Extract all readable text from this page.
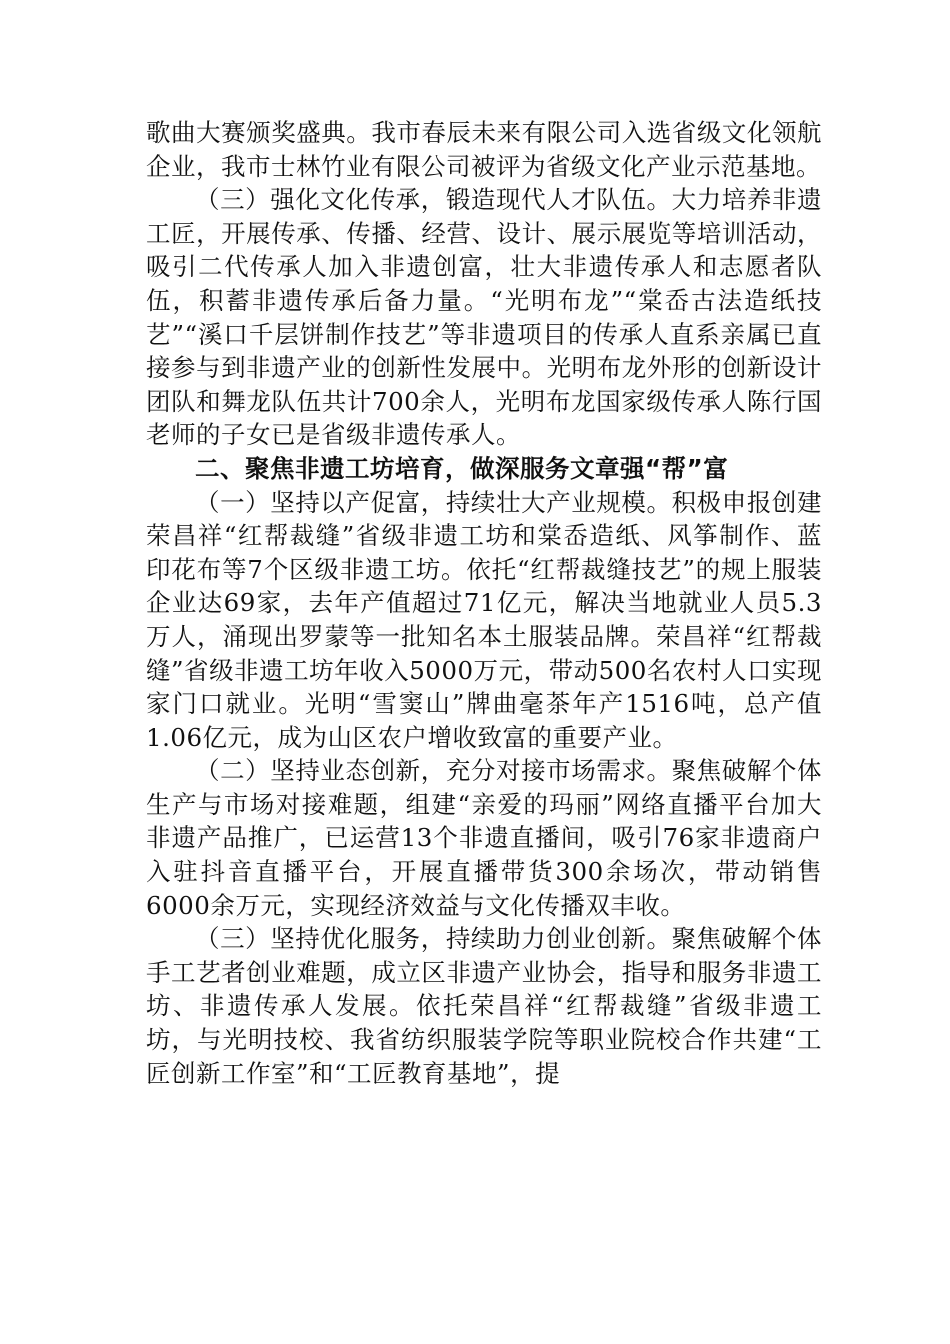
歌曲大赛颁奖盛典。我市春辰未来有限公司入选省级文化领航企业，我市士林竹业有限公司被评为省级文化产业示范基地。

（三）强化文化传承，锻造现代人才队伍。大力培养非遗工匠，开展传承、传播、经营、设计、展示展览等培训活动，吸引二代传承人加入非遗创富，壮大非遗传承人和志愿者队伍，积蓄非遗传承后备力量。“光明布龙”“棠岙古法造纸技艺”“溪口千层饼制作技艺”等非遗项目的传承人直系亲属已直接参与到非遗产业的创新性发展中。光明布龙外形的创新设计团队和舞龙队伍共计700余人，光明布龙国家级传承人陈行国老师的子女已是省级非遗传承人。

二、聚焦非遗工坊培育，做深服务文章强“帮”富

（一）坚持以产促富，持续壮大产业规模。积极申报创建荣昌祥“红帮裁缝”省级非遗工坊和棠岙造纸、风筝制作、蓝印花布等7个区级非遗工坊。依托“红帮裁缝技艺”的规上服装企业达69家，去年产值超过71亿元，解决当地就业人员5.3万人，涌现出罗蒙等一批知名本土服装品牌。荣昌祥“红帮裁缝”省级非遗工坊年收入5000万元，带动500名农村人口实现家门口就业。光明“雪窦山”牌曲毫茶年产1516吨，总产值1.06亿元，成为山区农户增收致富的重要产业。

（二）坚持业态创新，充分对接市场需求。聚焦破解个体生产与市场对接难题，组建“亲爱的玛丽”网络直播平台加大非遗产品推广，已运营13个非遗直播间，吸引76家非遗商户入驻抖音直播平台，开展直播带货300余场次，带动销售6000余万元，实现经济效益与文化传播双丰收。

（三）坚持优化服务，持续助力创业创新。聚焦破解个体手工艺者创业难题，成立区非遗产业协会，指导和服务非遗工坊、非遗传承人发展。依托荣昌祥“红帮裁缝”省级非遗工坊，与光明技校、我省纺织服装学院等职业院校合作共建“工匠创新工作室”和“工匠教育基地”，提
